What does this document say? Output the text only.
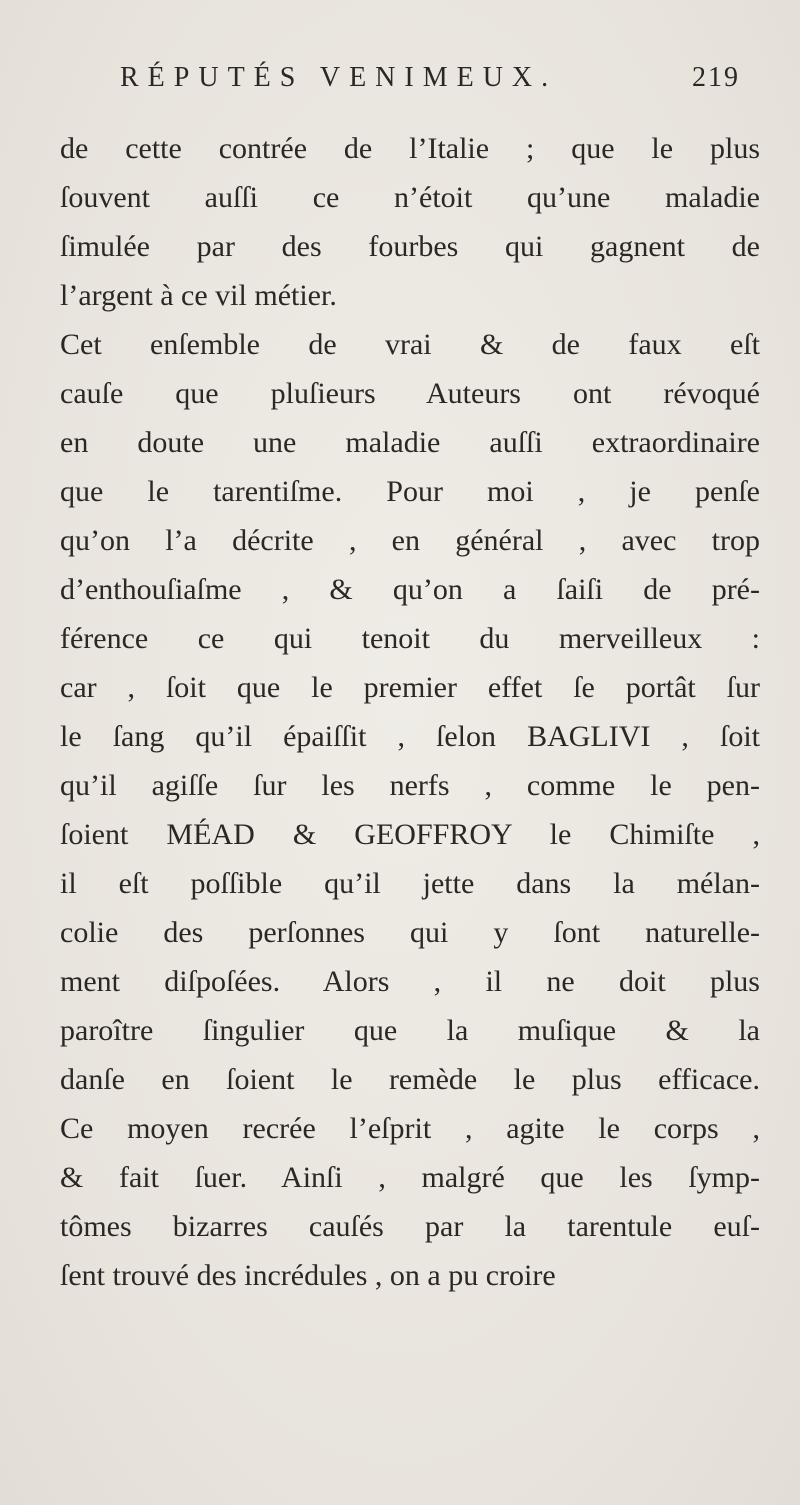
RÉPUTÉS VENIMEUX.	219
de cette contrée de l’Italie ; que le plus
ſouvent auſſi ce n’étoit qu’une maladie
ſimulée par des fourbes qui gagnent de
l’argent à ce vil métier.
Cet enſemble de vrai & de faux eſt
cauſe que pluſieurs Auteurs ont révoqué
en doute une maladie auſſi extraordinaire
que le tarentiſme. Pour moi , je penſe
qu’on l’a décrite , en général , avec trop
d’enthouſiaſme , & qu’on a ſaiſi de pré-
férence ce qui tenoit du merveilleux :
car , ſoit que le premier effet ſe portât ſur
le ſang qu’il épaiſſit , ſelon BAGLIVI , ſoit
qu’il agiſſe ſur les nerfs , comme le pen-
ſoient MÉAD & GEOFFROY le Chimiſte ,
il eſt poſſible qu’il jette dans la mélan-
colie des perſonnes qui y ſont naturelle-
ment diſpoſées. Alors , il ne doit plus
paroître ſingulier que la muſique & la
danſe en ſoient le remède le plus efficace.
Ce moyen recrée l’eſprit , agite le corps ,
& fait ſuer. Ainſi , malgré que les ſymp-
tômes bizarres cauſés par la tarentule euſ-
ſent trouvé des incrédules , on a pu croire
